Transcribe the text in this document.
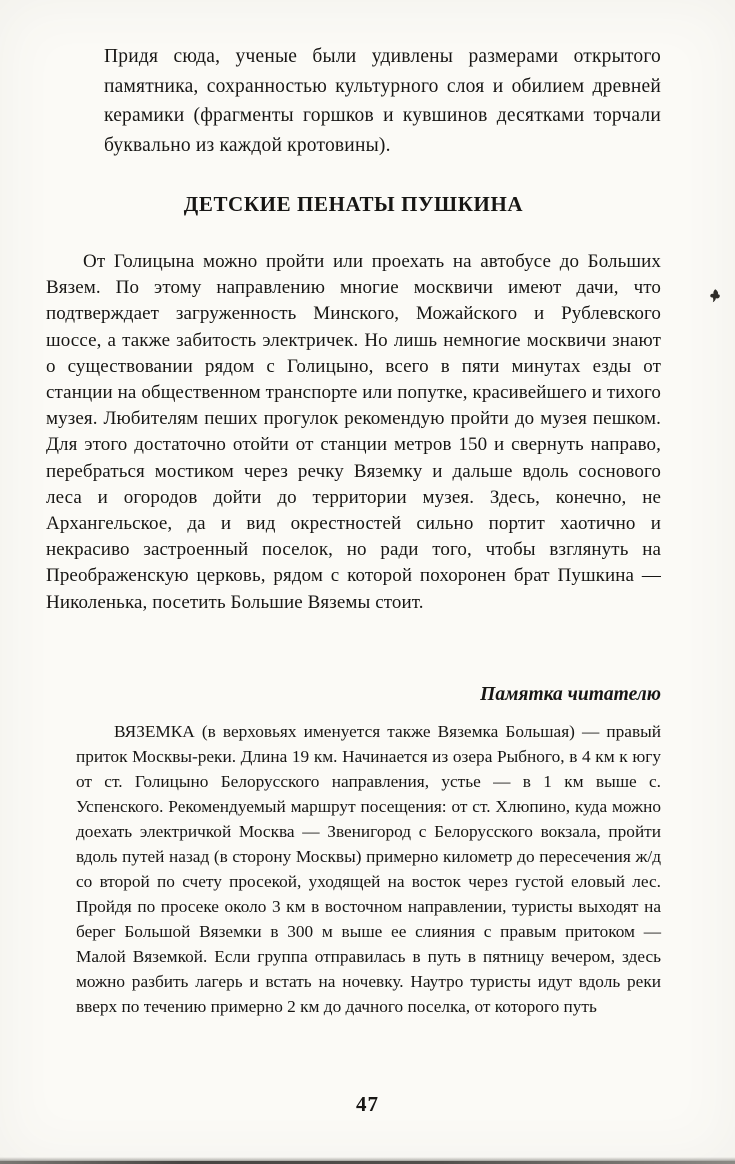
Придя сюда, ученые были удивлены размерами открытого памятника, сохранностью культурного слоя и обилием древней керамики (фрагменты горшков и кувшинов десятками торчали буквально из каждой кротовины).

ДЕТСКИЕ ПЕНАТЫ ПУШКИНА

От Голицына можно пройти или проехать на автобусе до Больших Вязем. По этому направлению многие москвичи имеют дачи, что подтверждает загруженность Минского, Можайского и Рублевского шоссе, а также забитость электричек. Но лишь немногие москвичи знают о существовании рядом с Голицыно, всего в пяти минутах езды от станции на общественном транспорте или попутке, красивейшего и тихого музея. Любителям пеших прогулок рекомендую пройти до музея пешком. Для этого достаточно отойти от станции метров 150 и свернуть направо, перебраться мостиком через речку Вяземку и дальше вдоль соснового леса и огородов дойти до территории музея. Здесь, конечно, не Архангельское, да и вид окрестностей сильно портит хаотично и некрасиво застроенный поселок, но ради того, чтобы взглянуть на Преображенскую церковь, рядом с которой похоронен брат Пушкина — Николенька, посетить Большие Вяземы стоит.

Памятка читателю

ВЯЗЕМКА (в верховьях именуется также Вяземка Большая) — правый приток Москвы-реки. Длина 19 км. Начинается из озера Рыбного, в 4 км к югу от ст. Голицыно Белорусского направления, устье — в 1 км выше с. Успенского. Рекомендуемый маршрут посещения: от ст. Хлюпино, куда можно доехать электричкой Москва — Звенигород с Белорусского вокзала, пройти вдоль путей назад (в сторону Москвы) примерно километр до пересечения ж/д со второй по счету просекой, уходящей на восток через густой еловый лес. Пройдя по просеке около 3 км в восточном направлении, туристы выходят на берег Большой Вяземки в 300 м выше ее слияния с правым притоком — Малой Вяземкой. Если группа отправилась в путь в пятницу вечером, здесь можно разбить лагерь и встать на ночевку. Наутро туристы идут вдоль реки вверх по течению примерно 2 км до дачного поселка, от которого путь

47
